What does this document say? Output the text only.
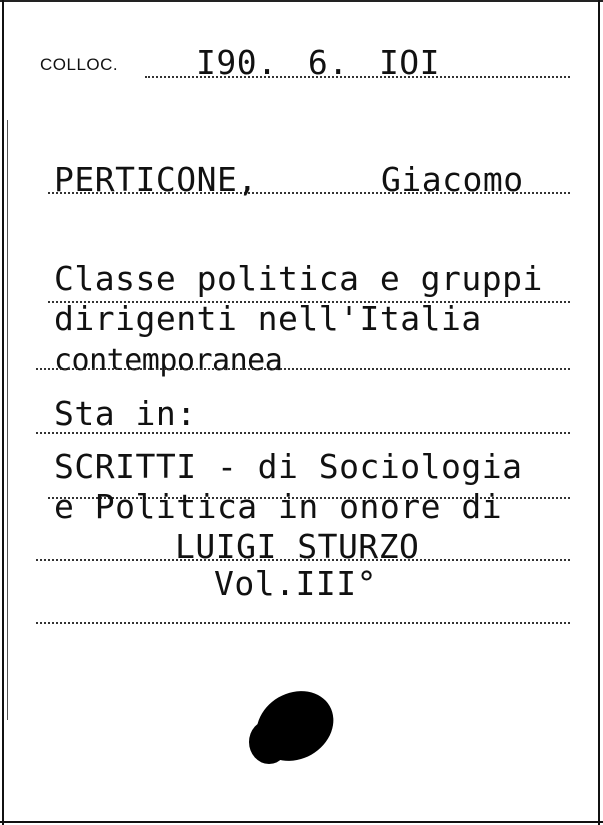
COLLOC. I90. 6. IOI
PERTICONE,	Giacomo
Classe politica e gruppi
dirigenti nell'Italia
contemporanea
Sta in:
SCRITTI - di Sociologia
e Politica in onore di
LUIGI STURZO
Vol.III°
